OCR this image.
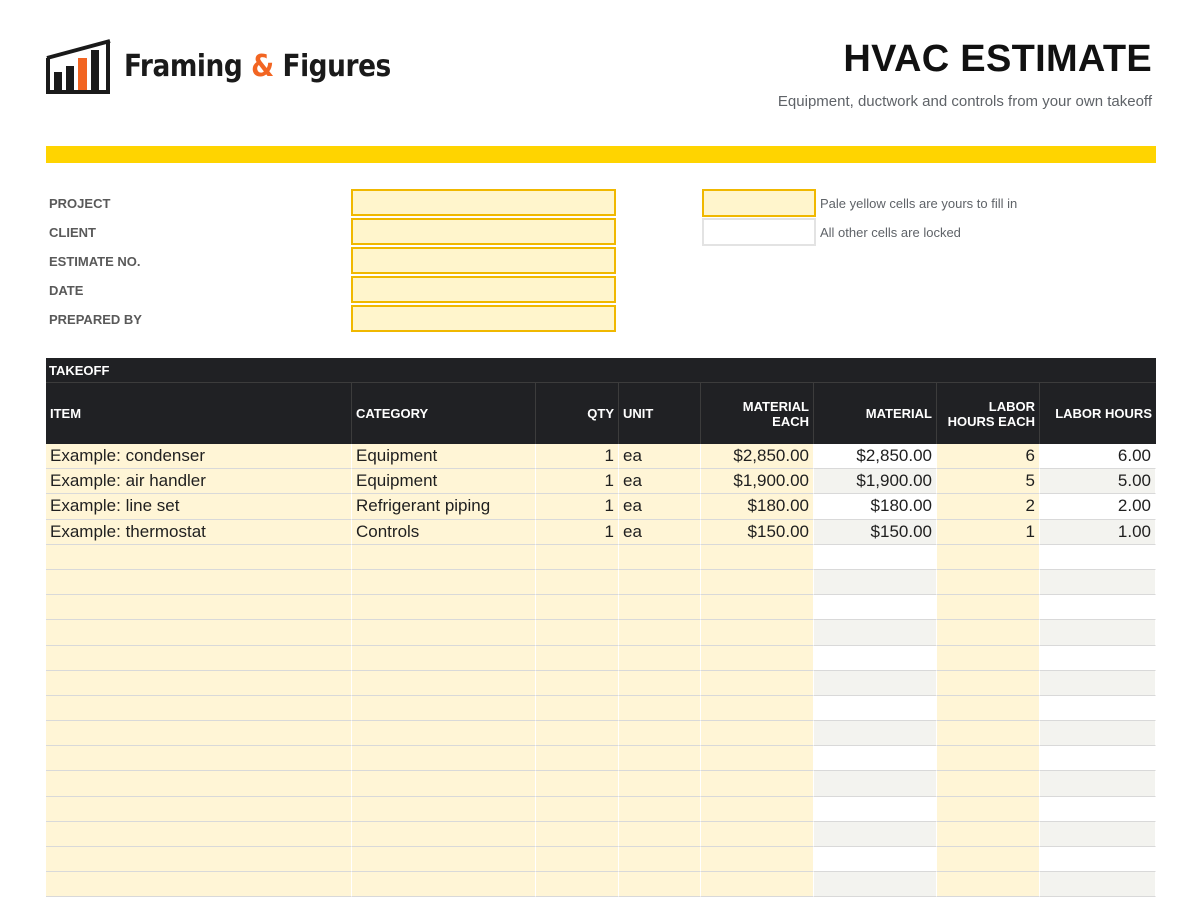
Framing & Figures	HVAC ESTIMATE
Equipment, ductwork and controls from your own takeoff
PROJECT
CLIENT
ESTIMATE NO.
DATE
PREPARED BY
Pale yellow cells are yours to fill in
All other cells are locked
TAKEOFF
ITEM	CATEGORY	QTY UNIT	MATERIAL EACH	MATERIAL	LABOR HOURS EACH	LABOR HOURS
Example: condenser	Equipment	1 ea	$2,850.00	$2,850.00	6	6.00
Example: air handler	Equipment	1 ea	$1,900.00	$1,900.00	5	5.00
Example: line set	Refrigerant piping	1 ea	$180.00	$180.00	2	2.00
Example: thermostat	Controls	1 ea	$150.00	$150.00	1	1.00
